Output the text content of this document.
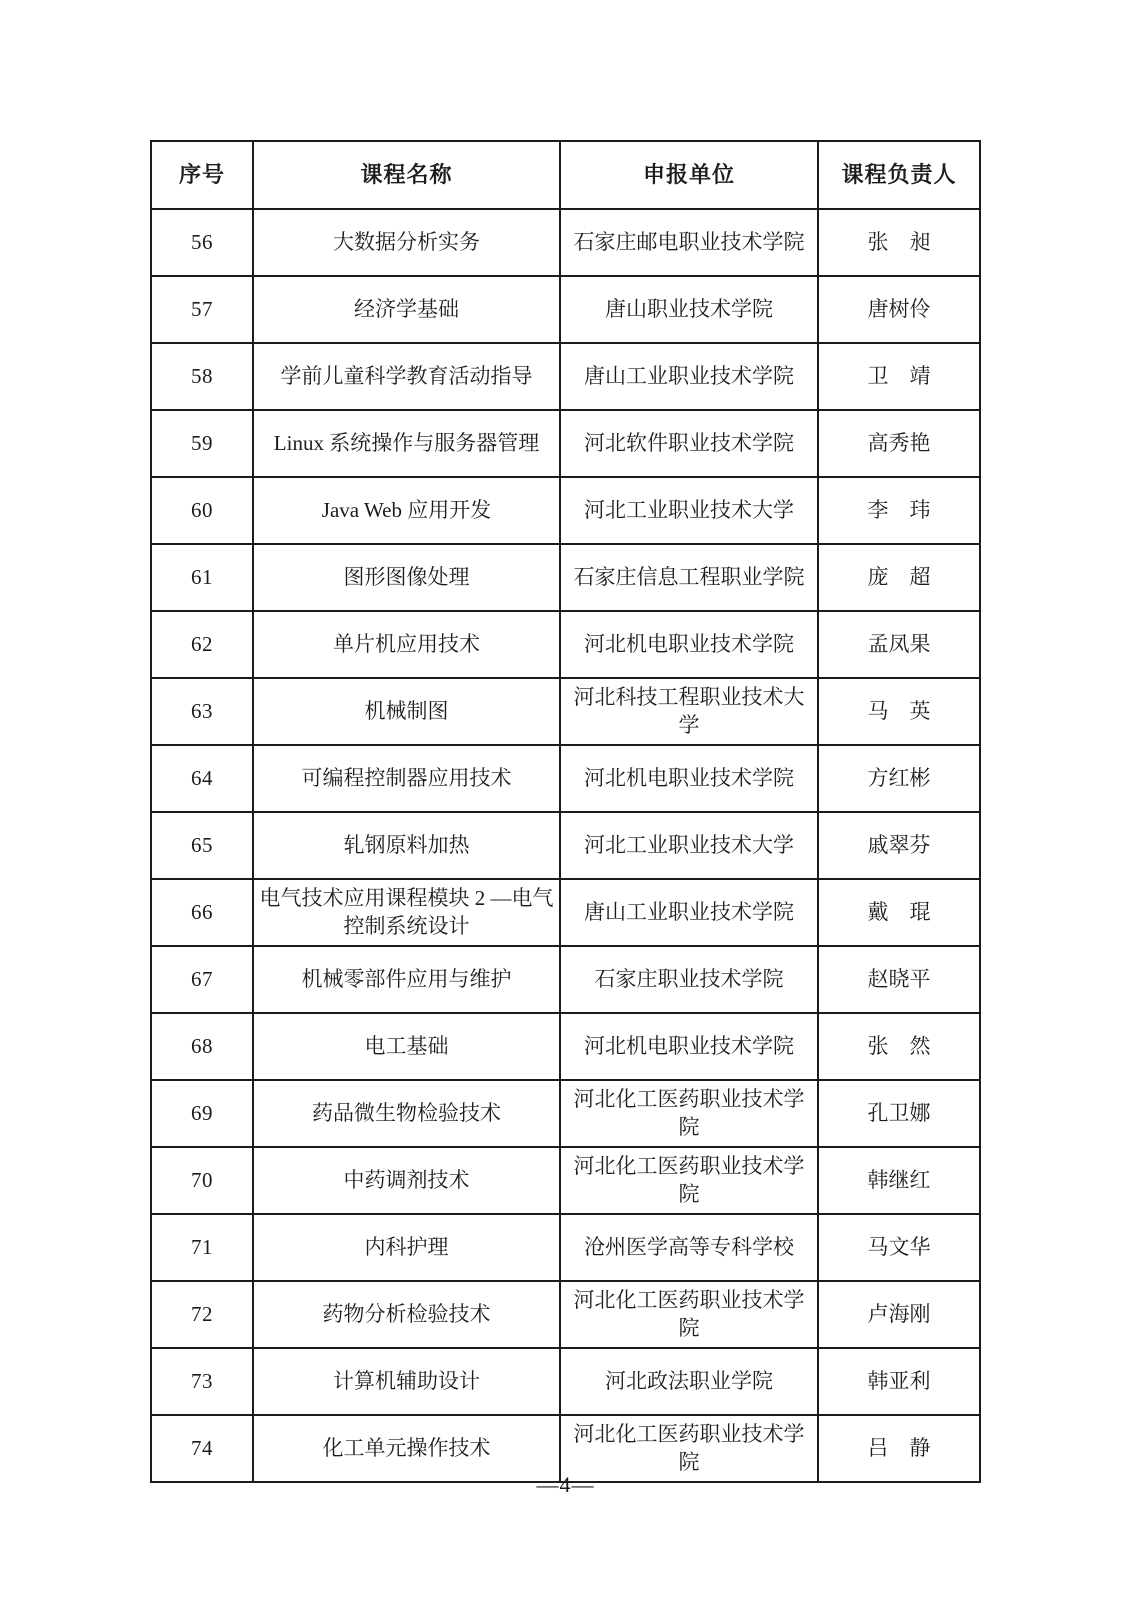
序号	课程名称	申报单位	课程负责人
56	大数据分析实务	石家庄邮电职业技术学院	张　昶
57	经济学基础	唐山职业技术学院	唐树伶
58	学前儿童科学教育活动指导	唐山工业职业技术学院	卫　靖
59	Linux 系统操作与服务器管理	河北软件职业技术学院	高秀艳
60	Java Web 应用开发	河北工业职业技术大学	李　玮
61	图形图像处理	石家庄信息工程职业学院	庞　超
62	单片机应用技术	河北机电职业技术学院	孟凤果
63	机械制图	河北科技工程职业技术大学	马　英
64	可编程控制器应用技术	河北机电职业技术学院	方红彬
65	轧钢原料加热	河北工业职业技术大学	戚翠芬
66	电气技术应用课程模块 2 —电气控制系统设计	唐山工业职业技术学院	戴　琨
67	机械零部件应用与维护	石家庄职业技术学院	赵晓平
68	电工基础	河北机电职业技术学院	张　然
69	药品微生物检验技术	河北化工医药职业技术学院	孔卫娜
70	中药调剂技术	河北化工医药职业技术学院	韩继红
71	内科护理	沧州医学高等专科学校	马文华
72	药物分析检验技术	河北化工医药职业技术学院	卢海刚
73	计算机辅助设计	河北政法职业学院	韩亚利
74	化工单元操作技术	河北化工医药职业技术学院	吕　静
—4—
